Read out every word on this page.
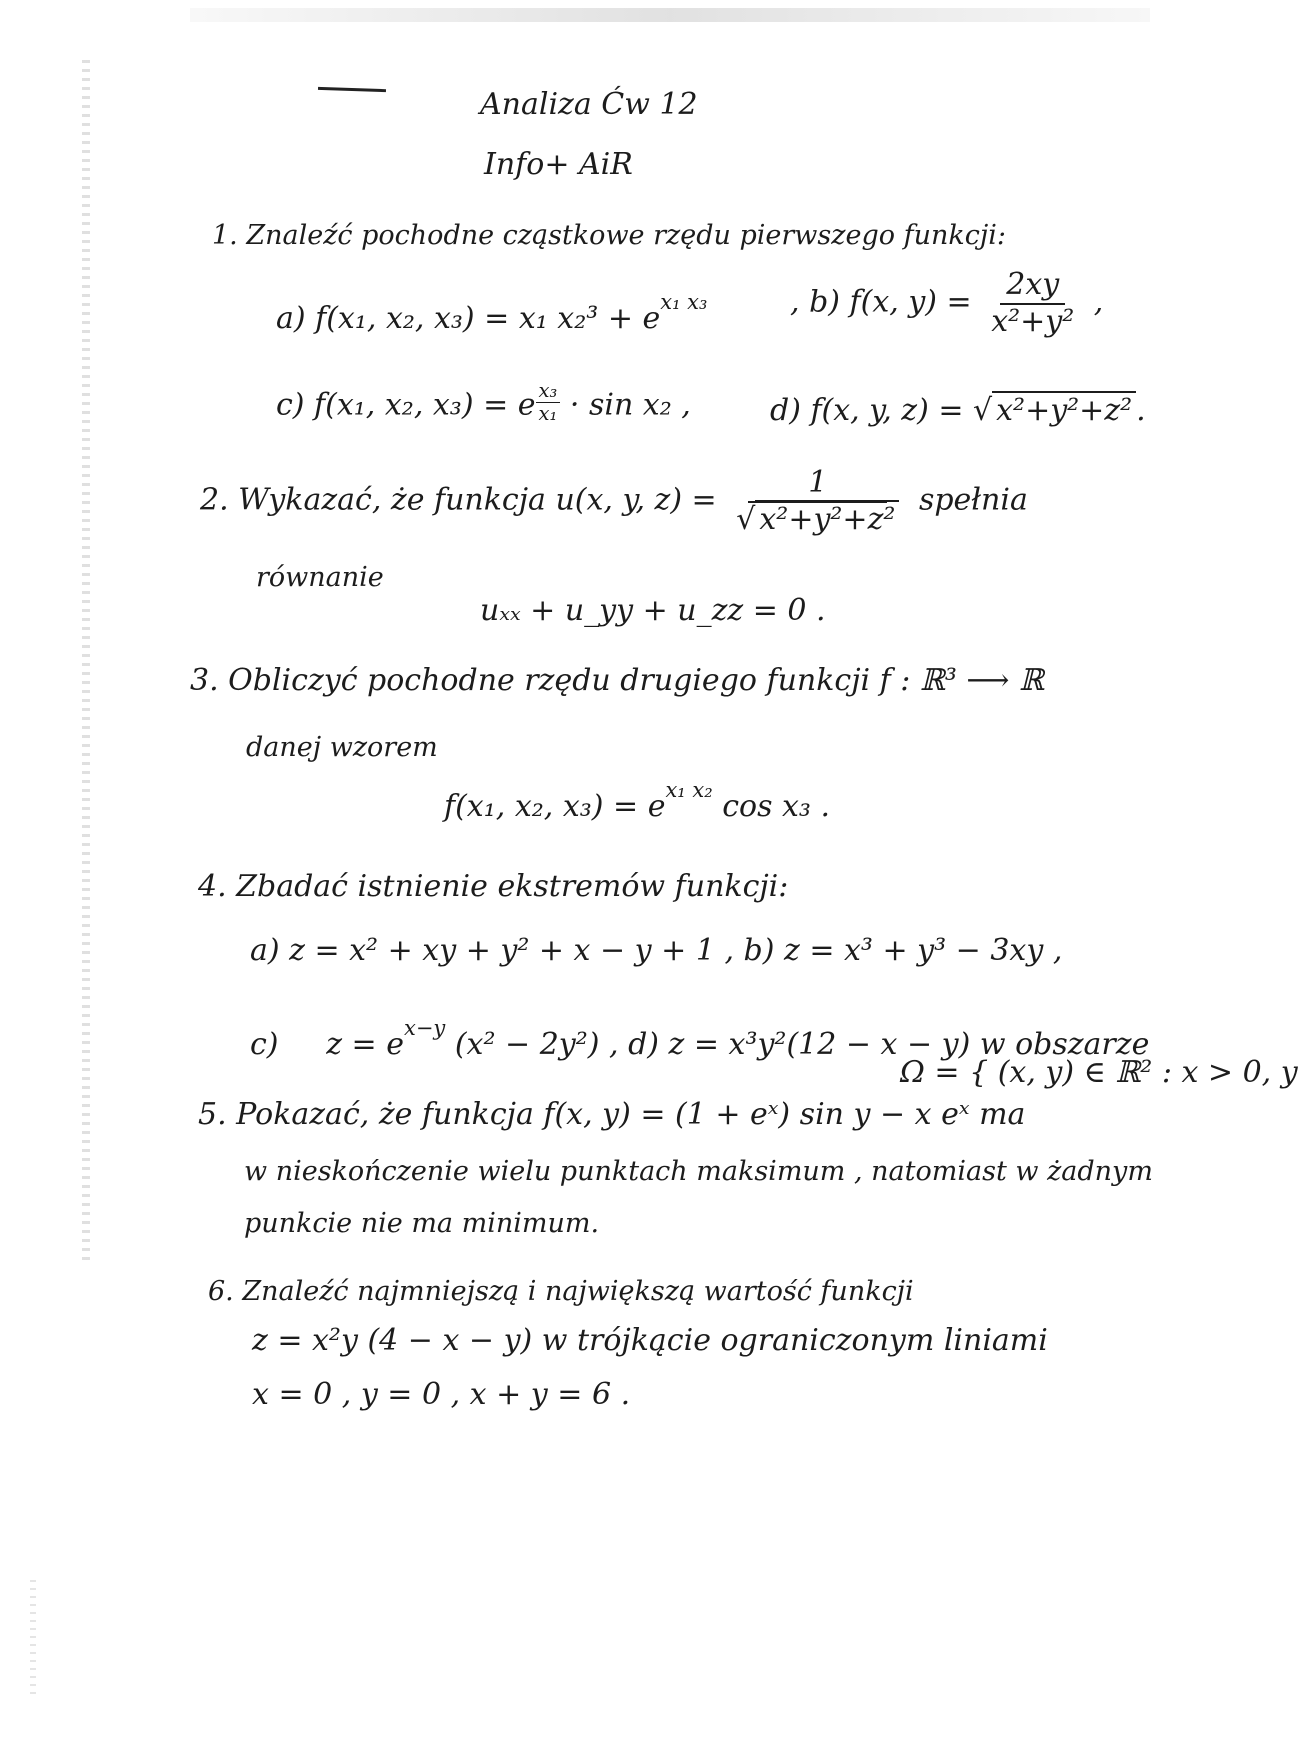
Analiza Ćw 12
Info+ AiR
1. Znaleźć pochodne cząstkowe rzędu pierwszego funkcji:
a) f(x₁, x₂, x₃) = x₁ x₂³ + ex₁ x₃	, b) f(x, $y) = \frac{2xy}{\text{x²+y²}}$ ,
c) f(x₁, x₂, x₃) = e $\frac{\text{x₃}}{\text{x₁}} \cdot \sin x_2$ ,	d) f(x, y, z) = √ x²+y²+z² .
2. Wykazać, że funkcja u(x, y, $z) = \frac{1}{\text{√ x²+y²+z²}}$ spełnia
równanie
uₓₓ + u_yy + u_zz = 0 .
3. Obliczyć pochodne rzędu drugiego funkcji f : ℝ³ ⟶ ℝ
danej wzorem
f(x₁, x₂, x₃) = ex₁ x₂ cos x₃ .
4. Zbadać istnienie ekstremów funkcji:
a) z = x² + xy + y² + x − y + 1 , b) z = x³ + y³ − 3xy ,
c) z = ex−y (x² − 2y²) , d) z = x³y²(12 − x − y) w obszarze
Ω = { (x, y) ∈ ℝ² : x > 0, y
5. Pokazać, że funkcja f(x, y) = (1 + eˣ) sin y − x eˣ ma
w nieskończenie wielu punktach maksimum , natomiast w żadnym
punkcie nie ma minimum.
6. Znaleźć najmniejszą i największą wartość funkcji
z = x²y (4 − x − y) w trójkącie ograniczonym liniami
x = 0 , y = 0 , x + y = 6 .
